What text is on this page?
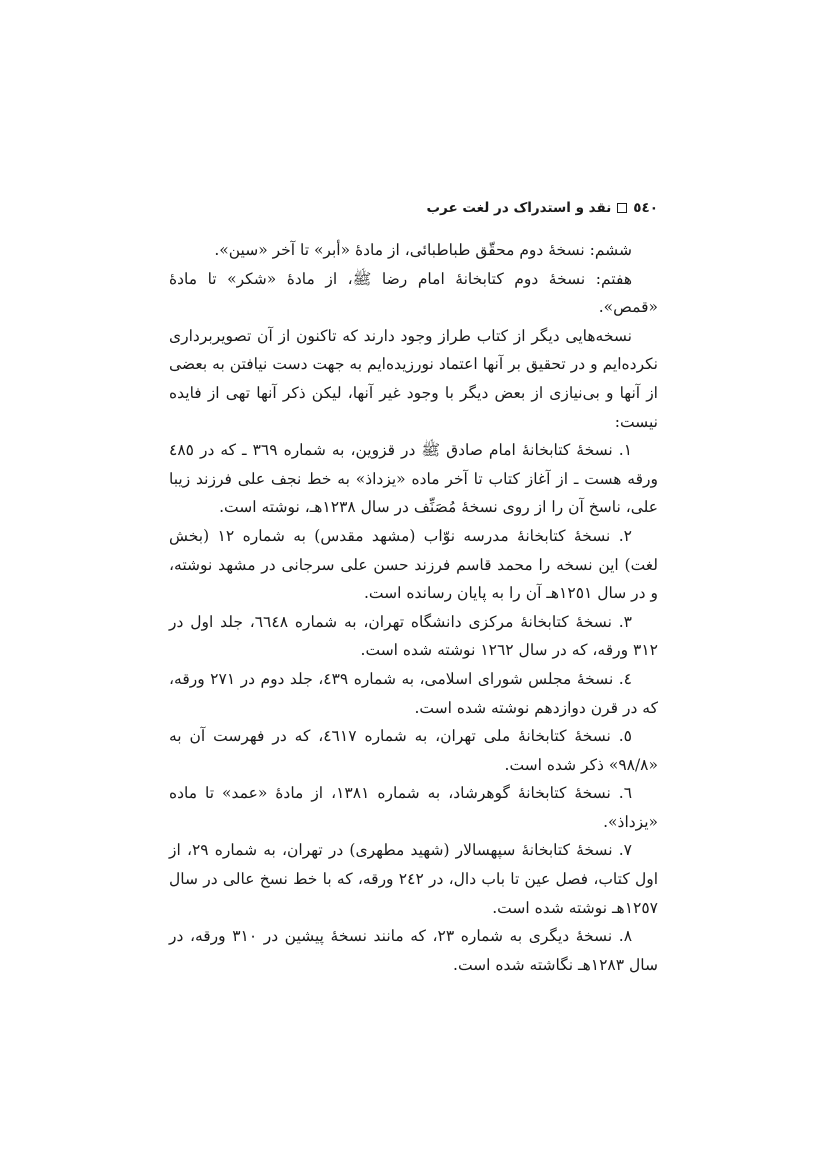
٥٤٠
نقد و استدراک در لغت عرب

ششم: نسخهٔ دوم محقّق طباطبائی، از مادهٔ «أبر» تا آخر «سین».

هفتم: نسخهٔ دوم کتابخانهٔ امام رضا ﷺ، از مادهٔ «شکر» تا مادهٔ «قمص».

نسخه‌هایی دیگر از کتاب طراز وجود دارند که تاکنون از آن تصویربرداری نکرده‌ایم و در تحقیق بر آنها اعتماد نورزیده‌ایم به جهت دست نیافتن به بعضی از آنها و بی‌نیازی از بعض دیگر با وجود غیر آنها، لیکن ذکر آنها تهی از فایده نیست:

١. نسخهٔ کتابخانهٔ امام صادق ﷺ در قزوین، به شماره ٣٦٩ ـ که در ٤٨٥ ورقه هست ـ از آغاز کتاب تا آخر ماده «یزداذ» به خط نجف علی فرزند زیبا علی، ناسخ آن را از روی نسخهٔ مُصَنِّف در سال ١٢٣٨هـ، نوشته است.

٢. نسخهٔ کتابخانهٔ مدرسه نوّاب (مشهد مقدس) به شماره ١٢ (بخش لغت) این نسخه را محمد قاسم فرزند حسن علی سرجانی در مشهد نوشته، و در سال ١٢٥١هـ آن را به پایان رسانده است.

٣. نسخهٔ کتابخانهٔ مرکزی دانشگاه تهران، به شماره ٦٦٤٨، جلد اول در ٣١٢ ورقه، که در سال ١٢٦٢ نوشته شده است.

٤. نسخهٔ مجلس شورای اسلامی، به شماره ٤٣٩، جلد دوم در ٢٧١ ورقه، که در قرن دوازدهم نوشته شده است.

٥. نسخهٔ کتابخانهٔ ملی تهران، به شماره ٤٦١٧، که در فهرست آن به «٩٨/٨» ذکر شده است.

٦. نسخهٔ کتابخانهٔ گوهرشاد، به شماره ١٣٨١، از مادهٔ «عمد» تا ماده «یزداذ».

٧. نسخهٔ کتابخانهٔ سپهسالار (شهید مطهری) در تهران، به شماره ٢٩، از اول کتاب، فصل عین تا باب دال، در ٢٤٢ ورقه، که با خط نسخ عالی در سال ١٢٥٧هـ نوشته شده است.

٨. نسخهٔ دیگری به شماره ٢٣، که مانند نسخهٔ پیشین در ٣١٠ ورقه، در سال ١٢٨٣هـ نگاشته شده است.
